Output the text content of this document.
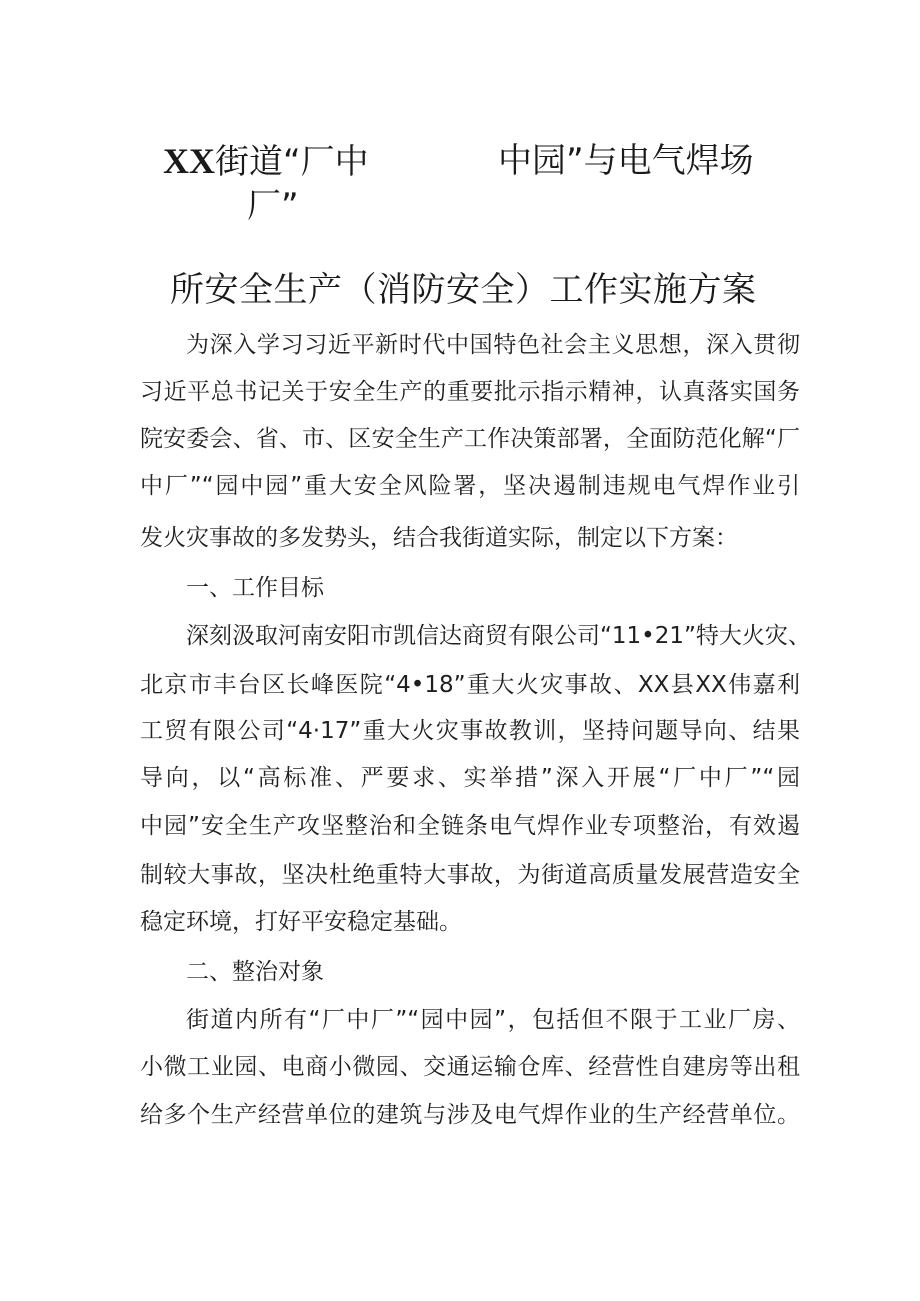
XX街道“厂中	中园”与电气焊场
厂”
所安全生产（消防安全）工作实施方案

为深入学习习近平新时代中国特色社会主义思想，深入贯彻

习近平总书记关于安全生产的重要批示指示精神，认真落实国务

院安委会、省、市、区安全生产工作决策部署，全面防范化解“厂

中厂”“园中园”重大安全风险署，坚决遏制违规电气焊作业引

发火灾事故的多发势头，结合我街道实际，制定以下方案：

一、工作目标

深刻汲取河南安阳市凯信达商贸有限公司“11•21”特大火灾、

北京市丰台区长峰医院“4•18”重大火灾事故、XX县XX伟嘉利

工贸有限公司“4·17”重大火灾事故教训，坚持问题导向、结果

导向，以“高标准、严要求、实举措”深入开展“厂中厂”“园

中园”安全生产攻坚整治和全链条电气焊作业专项整治，有效遏

制较大事故，坚决杜绝重特大事故，为街道高质量发展营造安全

稳定环境，打好平安稳定基础。

二、整治对象

街道内所有“厂中厂”“园中园”，包括但不限于工业厂房、

小微工业园、电商小微园、交通运输仓库、经营性自建房等出租

给多个生产经营单位的建筑与涉及电气焊作业的生产经营单位。
